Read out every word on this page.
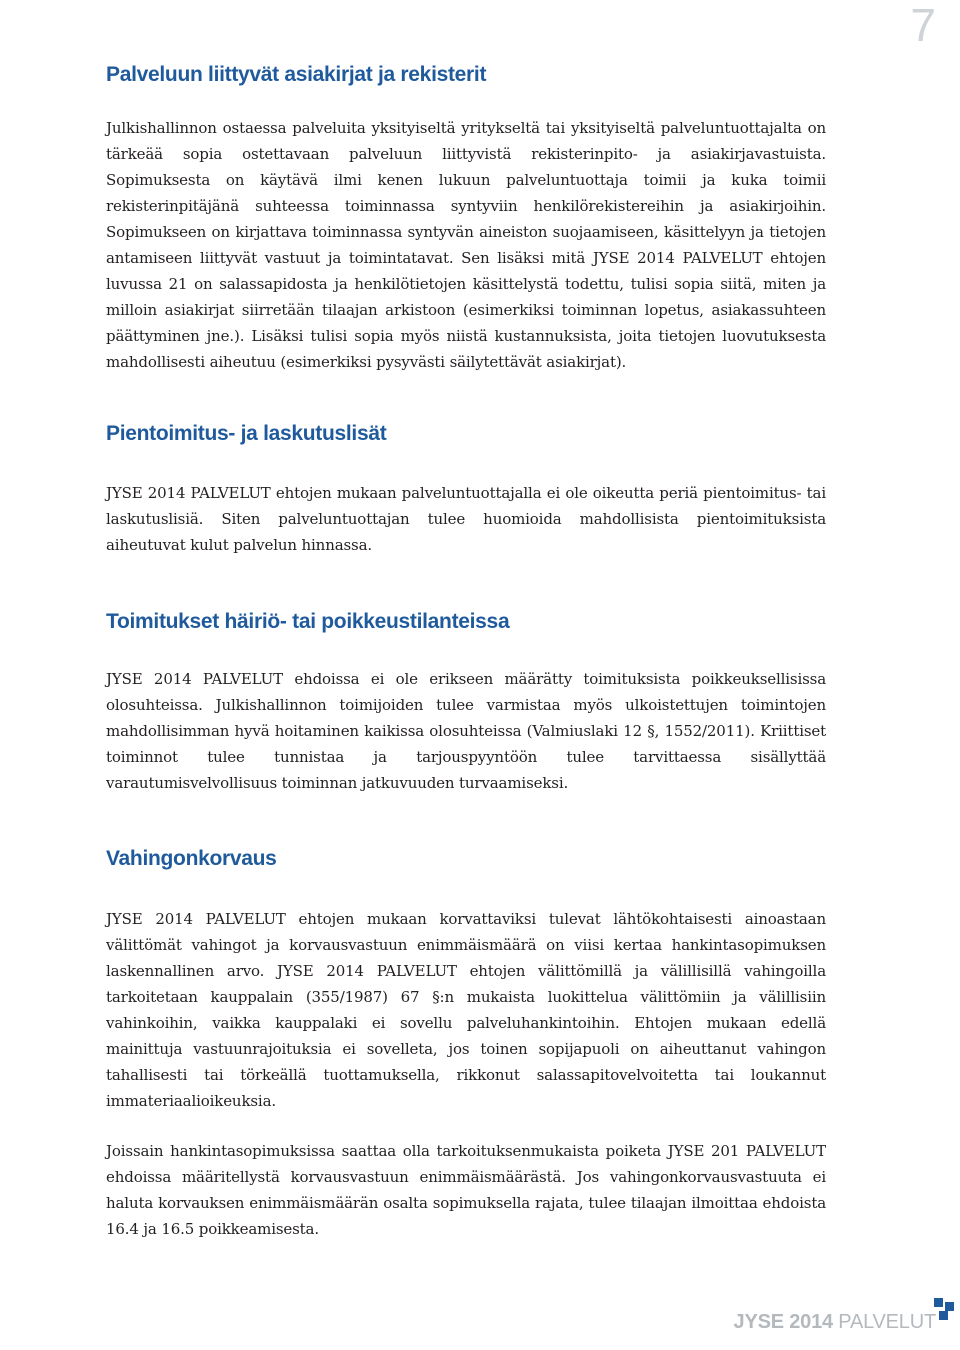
7
Palveluun liittyvät asiakirjat ja rekisterit

Julkishallinnon ostaessa palveluita yksityiseltä yritykseltä tai yksityiseltä palveluntuottajalta on tärkeää sopia ostettavaan palveluun liittyvistä rekisterinpito- ja asiakirjavastuista. Sopimuksesta on käytävä ilmi kenen lukuun palveluntuottaja toimii ja kuka toimii rekisterinpitäjänä suhteessa toiminnassa syntyviin henkilörekistereihin ja asiakirjoihin. Sopimukseen on kirjattava toiminnassa syntyvän aineiston suojaamiseen, käsittelyyn ja tietojen antamiseen liittyvät vastuut ja toimintatavat. Sen lisäksi mitä JYSE 2014 PALVELUT ehtojen luvussa 21 on salassapidosta ja henkilötietojen käsittelystä todettu, tulisi sopia siitä, miten ja milloin asiakirjat siirretään tilaajan arkistoon (esimerkiksi toiminnan lopetus, asiakassuhteen päättyminen jne.). Lisäksi tulisi sopia myös niistä kustannuksista, joita tietojen luovutuksesta mahdollisesti aiheutuu (esimerkiksi pysyvästi säilytettävät asiakirjat).

Pientoimitus- ja laskutuslisät

JYSE 2014 PALVELUT ehtojen mukaan palveluntuottajalla ei ole oikeutta periä pientoimitus- tai laskutuslisiä. Siten palveluntuottajan tulee huomioida mahdollisista pientoimituksista aiheutuvat kulut palvelun hinnassa.

Toimitukset häiriö- tai poikkeustilanteissa

JYSE 2014 PALVELUT ehdoissa ei ole erikseen määrätty toimituksista poikkeuksellisissa olosuhteissa. Julkishallinnon toimijoiden tulee varmistaa myös ulkoistettujen toimintojen mahdollisimman hyvä hoitaminen kaikissa olosuhteissa (Valmiuslaki 12 §, 1552/2011). Kriittiset toiminnot tulee tunnistaa ja tarjouspyyntöön tulee tarvittaessa sisällyttää varautumisvelvollisuus toiminnan jatkuvuuden turvaamiseksi.

Vahingonkorvaus

JYSE 2014 PALVELUT ehtojen mukaan korvattaviksi tulevat lähtökohtaisesti ainoastaan välittömät vahingot ja korvausvastuun enimmäismäärä on viisi kertaa hankintasopimuksen laskennallinen arvo. JYSE 2014 PALVELUT ehtojen välittömillä ja välillisillä vahingoilla tarkoitetaan kauppalain (355/1987) 67 §:n mukaista luokittelua välittömiin ja välillisiin vahinkoihin, vaikka kauppalaki ei sovellu palveluhankintoihin. Ehtojen mukaan edellä mainittuja vastuunrajoituksia ei sovelleta, jos toinen sopijapuoli on aiheuttanut vahingon tahallisesti tai törkeällä tuottamuksella, rikkonut salassapitovelvoitetta tai loukannut immateriaalioikeuksia.

Joissain hankintasopimuksissa saattaa olla tarkoituksenmukaista poiketa JYSE 201 PALVELUT ehdoissa määritellystä korvausvastuun enimmäismäärästä. Jos vahingonkorvausvastuuta ei haluta korvauksen enimmäismäärän osalta sopimuksella rajata, tulee tilaajan ilmoittaa ehdoista 16.4 ja 16.5 poikkeamisesta.

JYSE 2014 PALVELUT
